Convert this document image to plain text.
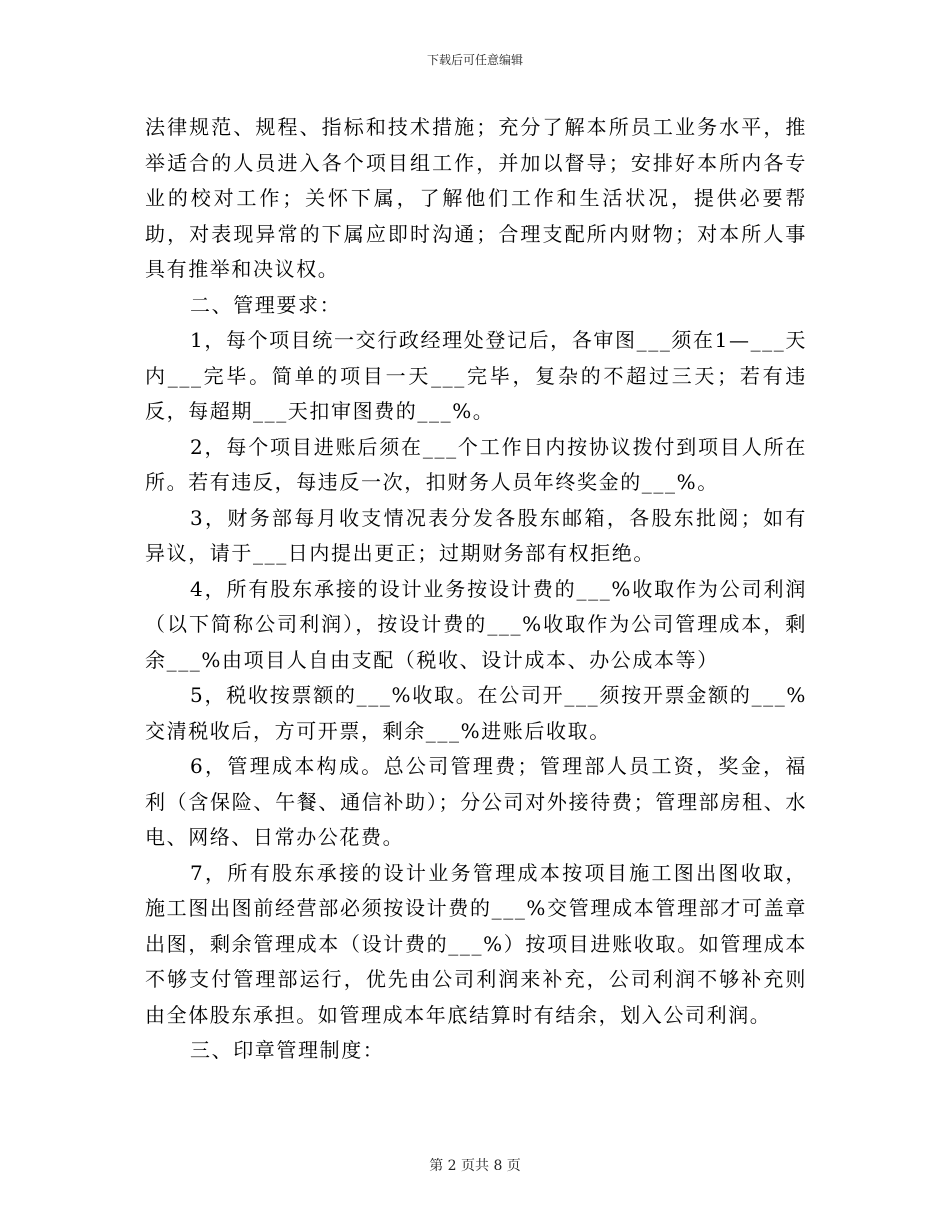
下载后可任意编辑

法律规范、规程、指标和技术措施；充分了解本所员工业务水平，推举适合的人员进入各个项目组工作，并加以督导；安排好本所内各专业的校对工作；关怀下属，了解他们工作和生活状况，提供必要帮助，对表现异常的下属应即时沟通；合理支配所内财物；对本所人事具有推举和决议权。

二、管理要求：

1，每个项目统一交行政经理处登记后，各审图___须在1—___天内___完毕。简单的项目一天___完毕，复杂的不超过三天；若有违反，每超期___天扣审图费的___%。

2，每个项目进账后须在___个工作日内按协议拨付到项目人所在所。若有违反，每违反一次，扣财务人员年终奖金的___%。

3，财务部每月收支情况表分发各股东邮箱，各股东批阅；如有异议，请于___日内提出更正；过期财务部有权拒绝。

4，所有股东承接的设计业务按设计费的___%收取作为公司利润（以下简称公司利润），按设计费的___%收取作为公司管理成本，剩余___%由项目人自由支配（税收、设计成本、办公成本等）

5，税收按票额的___%收取。在公司开___须按开票金额的___%交清税收后，方可开票，剩余___%进账后收取。

6，管理成本构成。总公司管理费；管理部人员工资，奖金，福利（含保险、午餐、通信补助）；分公司对外接待费；管理部房租、水电、网络、日常办公花费。

7，所有股东承接的设计业务管理成本按项目施工图出图收取，施工图出图前经营部必须按设计费的___%交管理成本管理部才可盖章出图，剩余管理成本（设计费的___%）按项目进账收取。如管理成本不够支付管理部运行，优先由公司利润来补充，公司利润不够补充则由全体股东承担。如管理成本年底结算时有结余，划入公司利润。

三、印章管理制度：

第 2 页共 8 页
